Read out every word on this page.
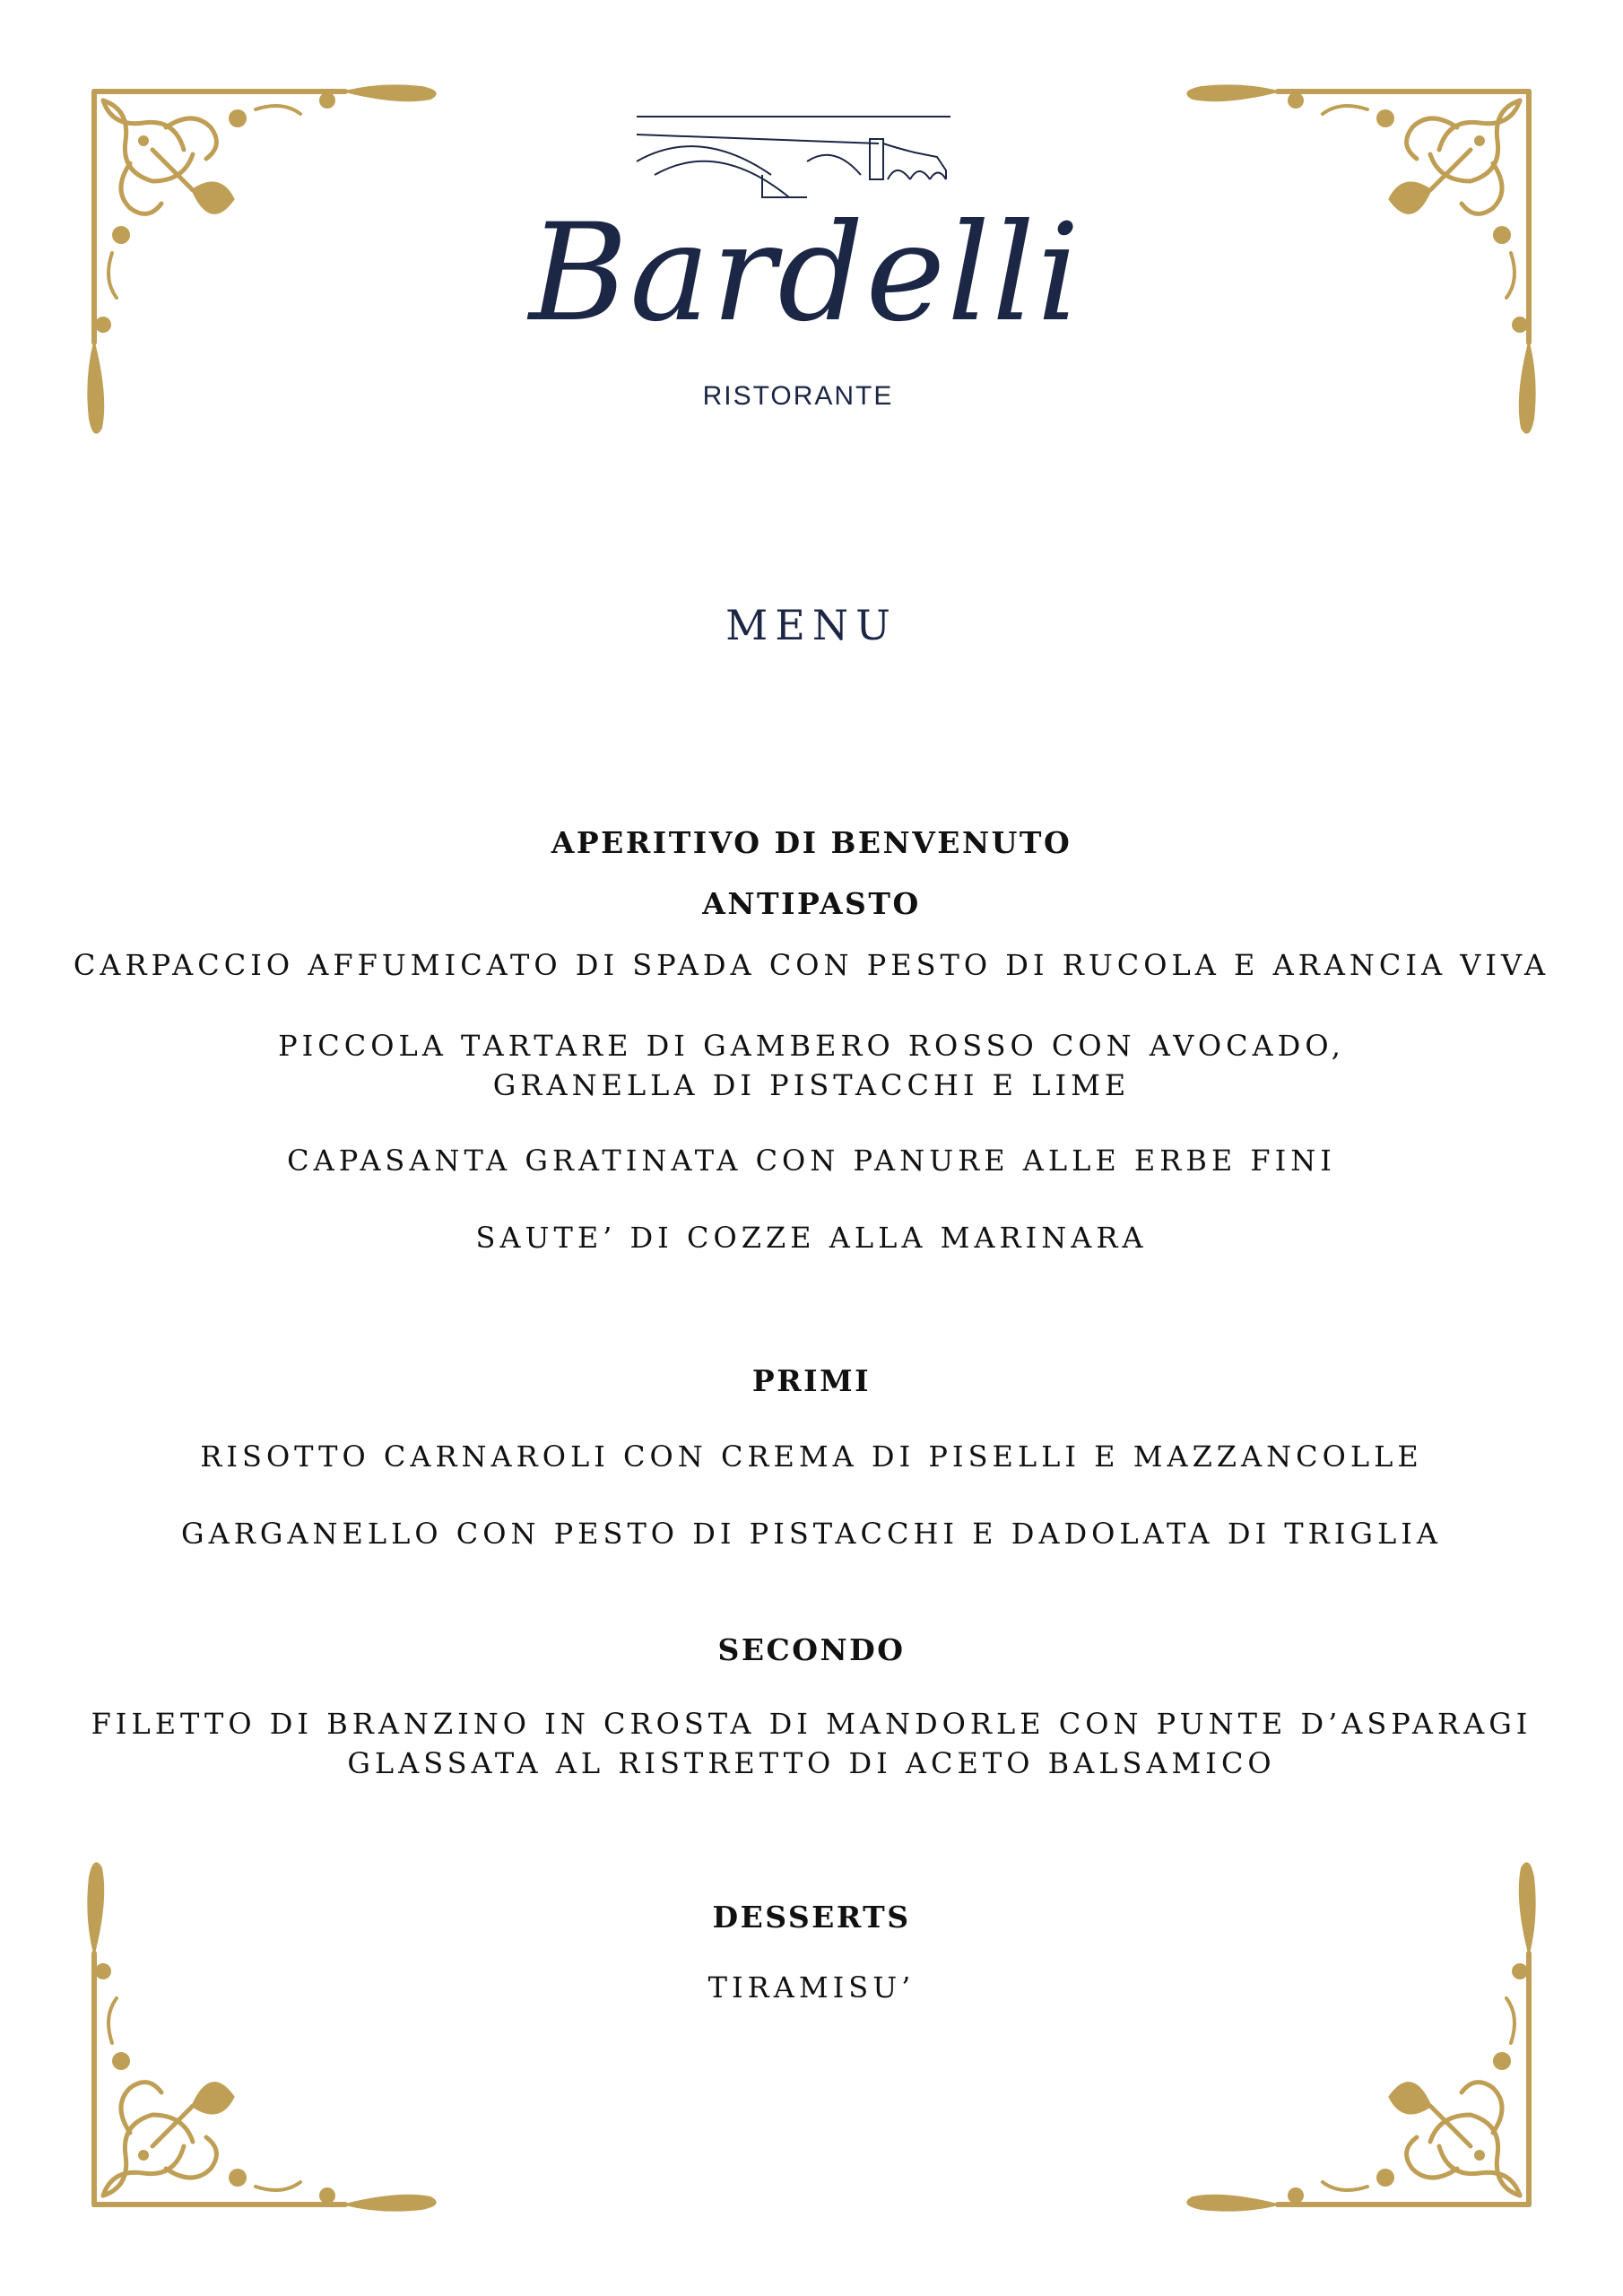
Bardelli
RISTORANTE
MENU
APERITIVO DI BENVENUTO
ANTIPASTO
CARPACCIO AFFUMICATO DI SPADA CON PESTO DI RUCOLA E ARANCIA VIVA
PICCOLA TARTARE DI GAMBERO ROSSO CON AVOCADO,
GRANELLA DI PISTACCHI E LIME
CAPASANTA GRATINATA CON PANURE ALLE ERBE FINI
SAUTE’ DI COZZE ALLA MARINARA
PRIMI
RISOTTO CARNAROLI CON CREMA DI PISELLI E MAZZANCOLLE
GARGANELLO CON PESTO DI PISTACCHI E DADOLATA DI TRIGLIA
SECONDO
FILETTO DI BRANZINO IN CROSTA DI MANDORLE CON PUNTE D’ASPARAGI
GLASSATA AL RISTRETTO DI ACETO BALSAMICO
DESSERTS
TIRAMISU’
